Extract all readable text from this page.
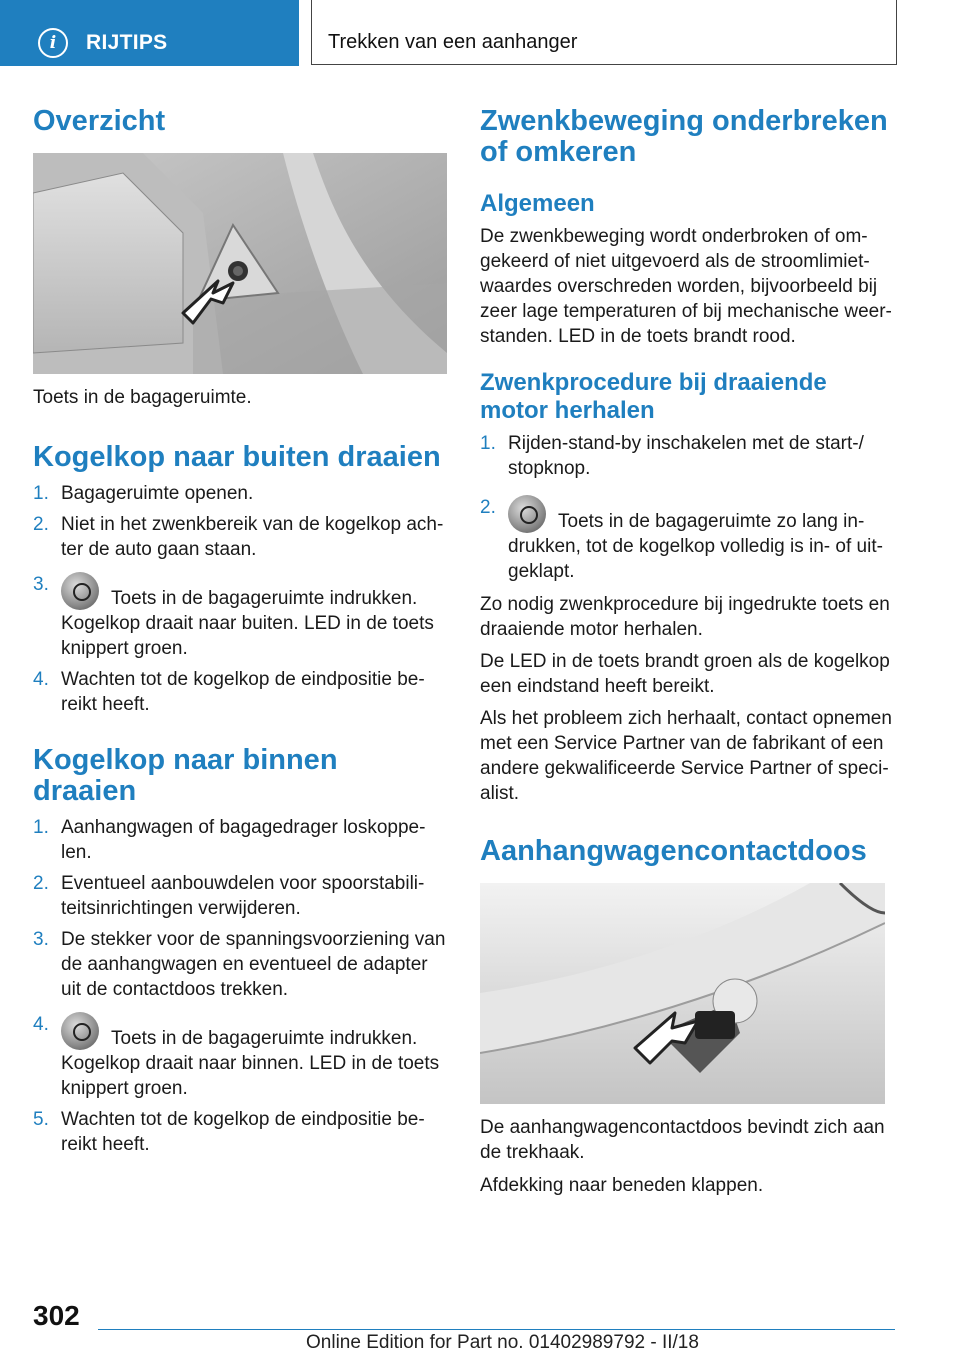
i	RIJTIPS	Trekken van een aanhanger
Overzicht

Toets in de bagageruimte.

Kogelkop naar buiten draaien
1. Bagageruimte openen.
2. Niet in het zwenkbereik van de kogelkop ach-ter de auto gaan staan.
3.
Toets in de bagageruimte indrukken.
Kogelkop draait naar buiten. LED in de toets knippert groen.
4. Wachten tot de kogelkop de eindpositie be-reikt heeft.
Kogelkop naar binnen draaien
1. Aanhangwagen of bagagedrager loskoppe-len.
2. Eventueel aanbouwdelen voor spoorstabili-teitsinrichtingen verwijderen.
3. De stekker voor de spanningsvoorziening van de aanhangwagen en eventueel de adapter uit de contactdoos trekken.
4.
Toets in de bagageruimte indrukken.
Kogelkop draait naar binnen. LED in de toets knippert groen.
5. Wachten tot de kogelkop de eindpositie be-reikt heeft.
Zwenkbeweging onderbreken of omkeren
Algemeen

De zwenkbeweging wordt onderbroken of om-gekeerd of niet uitgevoerd als de stroomlimiet-waardes overschreden worden, bijvoorbeeld bij zeer lage temperaturen of bij mechanische weer-standen. LED in de toets brandt rood.

Zwenkprocedure bij draaiende motor herhalen
1. Rijden-stand-by inschakelen met de start-/ stopknop.
2.
Toets in de bagageruimte zo lang in-drukken, tot de kogelkop volledig is in- of uit-geklapt.

Zo nodig zwenkprocedure bij ingedrukte toets en draaiende motor herhalen.

De LED in de toets brandt groen als de kogelkop een eindstand heeft bereikt.

Als het probleem zich herhaalt, contact opnemen met een Service Partner van de fabrikant of een andere gekwalificeerde Service Partner of speci-alist.

Aanhangwagencontactdoos

De aanhangwagencontactdoos bevindt zich aan de trekhaak.

Afdekking naar beneden klappen.

302
Online Edition for Part no. 01402989792 - II/18
